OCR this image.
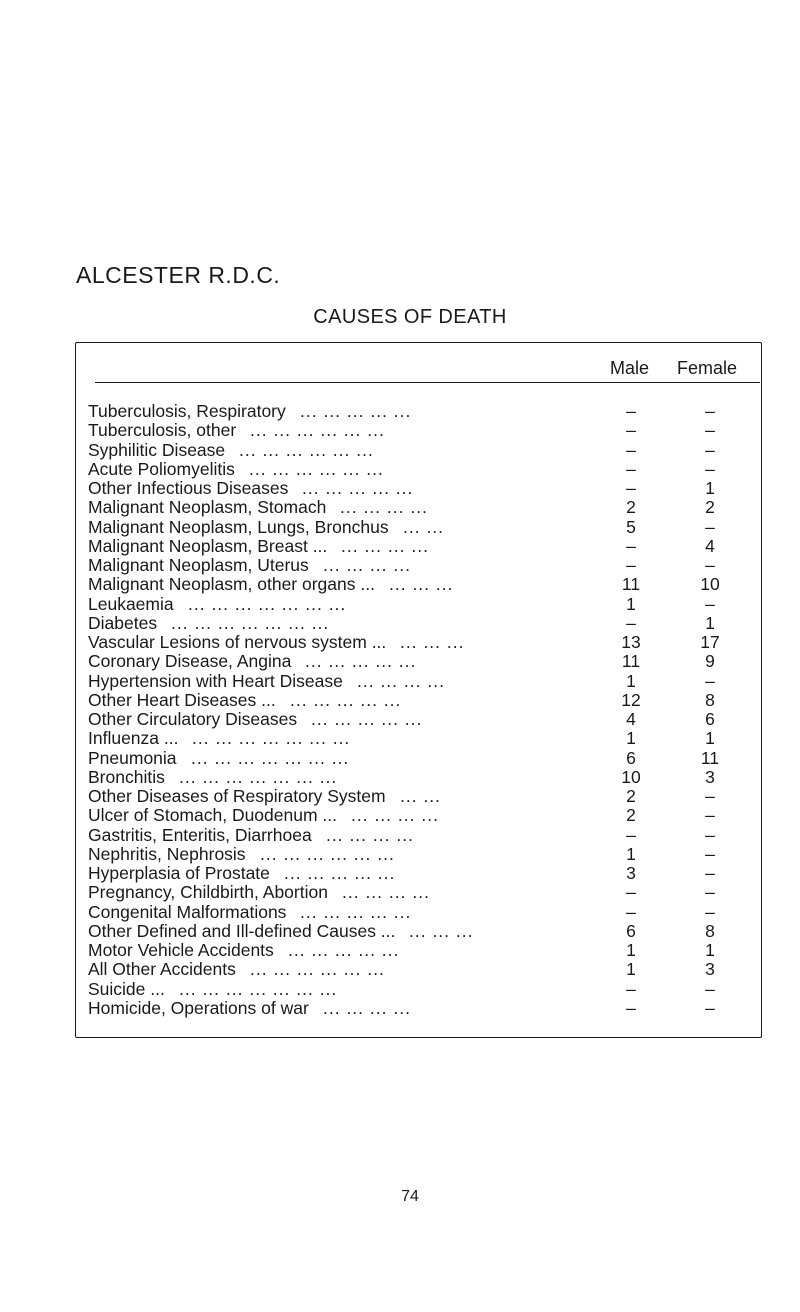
ALCESTER R.D.C.
CAUSES OF DEATH
Male Female
Tuberculosis, Respiratory ... ... ... ... ...	–	–
Tuberculosis, other ... ... ... ... ... ...	–	–
Syphilitic Disease ... ... ... ... ... ...	–	–
Acute Poliomyelitis ... ... ... ... ... ...	–	–
Other Infectious Diseases ... ... ... ... ...	–	1
Malignant Neoplasm, Stomach ... ... ... ...	2	2
Malignant Neoplasm, Lungs, Bronchus ... ...	5	–
Malignant Neoplasm, Breast ... ... ... ... ...	–	4
Malignant Neoplasm, Uterus ... ... ... ...	–	–
Malignant Neoplasm, other organs ... ... ... ...	11	10
Leukaemia ... ... ... ... ... ... ...	1	–
Diabetes ... ... ... ... ... ... ...	–	1
Vascular Lesions of nervous system ... ... ... ...	13	17
Coronary Disease, Angina ... ... ... ... ...	11	9
Hypertension with Heart Disease ... ... ... ...	1	–
Other Heart Diseases ... ... ... ... ... ...	12	8
Other Circulatory Diseases ... ... ... ... ...	4	6
Influenza ... ... ... ... ... ... ... ...	1	1
Pneumonia ... ... ... ... ... ... ...	6	11
Bronchitis ... ... ... ... ... ... ...	10	3
Other Diseases of Respiratory System ... ...	2	–
Ulcer of Stomach, Duodenum ... ... ... ... ...	2	–
Gastritis, Enteritis, Diarrhoea ... ... ... ...	–	–
Nephritis, Nephrosis ... ... ... ... ... ...	1	–
Hyperplasia of Prostate ... ... ... ... ...	3	–
Pregnancy, Childbirth, Abortion ... ... ... ...	–	–
Congenital Malformations ... ... ... ... ...	–	–
Other Defined and Ill-defined Causes ... ... ... ...	6	8
Motor Vehicle Accidents ... ... ... ... ...	1	1
All Other Accidents ... ... ... ... ... ...	1	3
Suicide ... ... ... ... ... ... ... ...	–	–
Homicide, Operations of war ... ... ... ...	–	–
74
